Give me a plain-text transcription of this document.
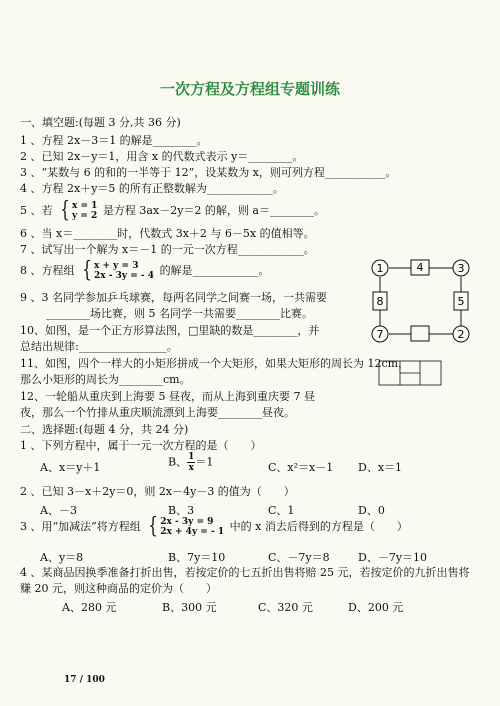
一次方程及方程组专题训练
一、填空题:(每题 3 分,共 36 分)
1 、方程 2x－3＝1 的解是________。
2 、已知 2x－y＝1，用含 x 的代数式表示 y＝________。
3 、“某数与 6 的和的一半等于 12”，设某数为 x，则可列方程___________。
4 、方程 2x＋y＝5 的所有正整数解为____________。
5 、若 { x = 1
y = 2 是方程 3ax－2y＝2 的解，则 a＝________。
6 、当 x＝________时，代数式 3x＋2 与 6－5x 的值相等。
7 、试写出一个解为 x＝－1 的一元一次方程____________。
8 、方程组 { x + y = 3
2x - 3y = - 4 的解是____________。
9 、3 名同学参加乒乓球赛，每两名同学之间赛一场，一共需要
________场比赛，则 5 名同学一共需要________比赛。
10、如图，是一个正方形算法图，□里缺的数是________，并
总结出规律:________________。
11、如图，四个一样大的小矩形拼成一个大矩形，如果大矩形的周长为 12cm，
那么小矩形的周长为________cm。
12、一轮船从重庆到上海要 5 昼夜，而从上海到重庆要 7 昼
夜，那么一个竹排从重庆顺流漂到上海要________昼夜。
1	3
7	2
4
8	5
二、选择题:(每题 4 分，共 24 分)
1 、下列方程中，属于一元一次方程的是（　　）
A、x＝y＋1	B、 $\frac{1}{x} =1$	C、x²＝x－1 D、x＝1
2 、已知 3－x＋2y＝0，则 2x－4y－3 的值为（　　）
A、－3	B、3	C、1	D、0
3 、用“加减法”将方程组 { 2x - 3y = 9
2x + 4y = - 1 中的 x 消去后得到的方程是（　　）
A、y＝8	B、7y＝10	C、－7y＝8	D、－7y＝10
4 、某商品因换季准备打折出售，若按定价的七五折出售将赔 25 元，若按定价的九折出售将
赚 20 元，则这种商品的定价为（　　）
A、280 元	B、300 元	C、320 元	D、200 元
17 / 100
